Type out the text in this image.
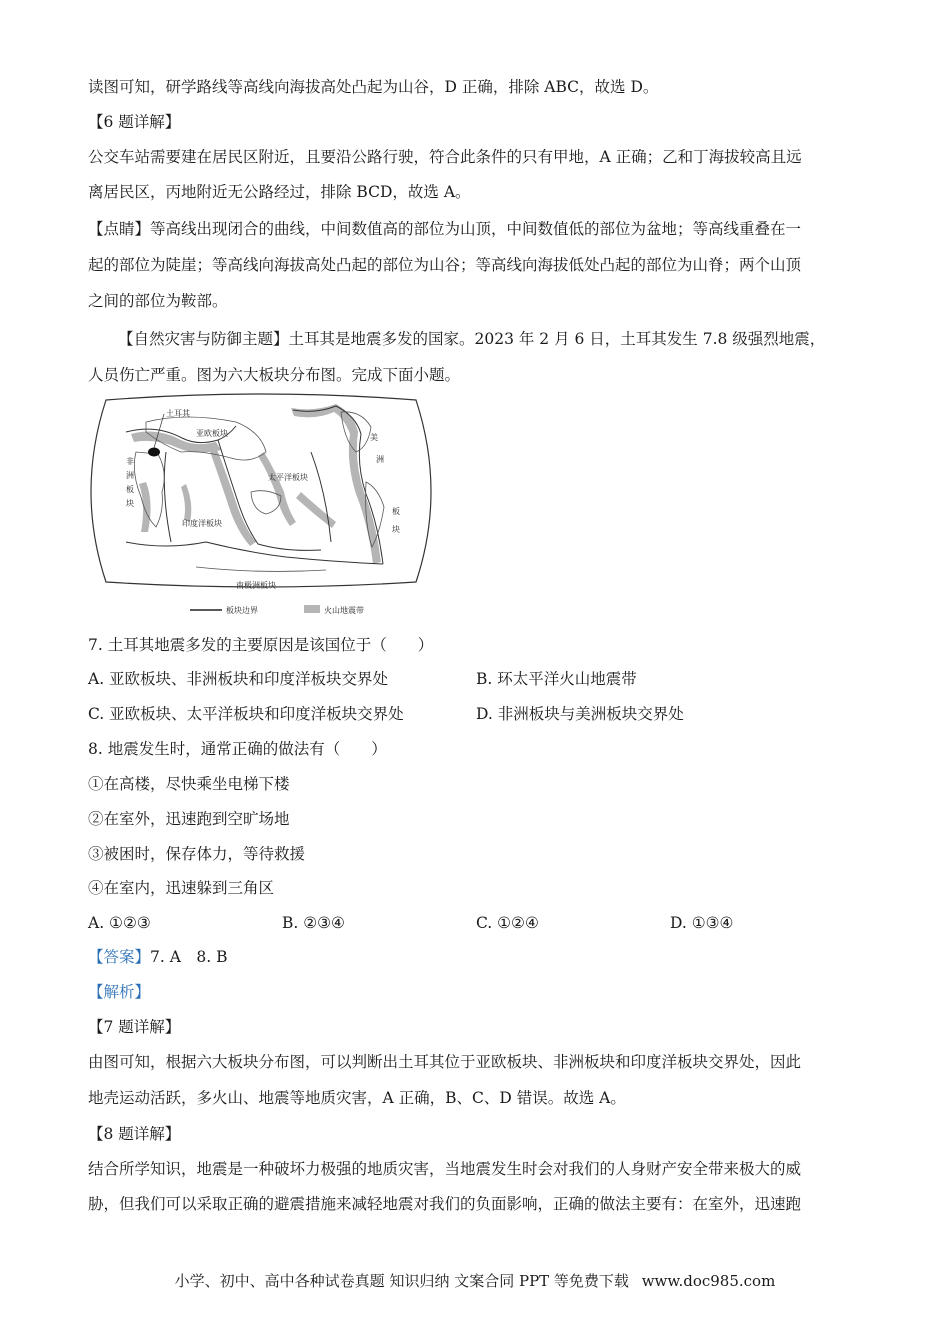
读图可知，研学路线等高线向海拔高处凸起为山谷，D 正确，排除 ABC，故选 D。
【6 题详解】
公交车站需要建在居民区附近，且要沿公路行驶，符合此条件的只有甲地，A 正确；乙和丁海拔较高且远
离居民区，丙地附近无公路经过，排除 BCD，故选 A。
【点睛】等高线出现闭合的曲线，中间数值高的部位为山顶，中间数值低的部位为盆地；等高线重叠在一
起的部位为陡崖；等高线向海拔高处凸起的部位为山谷；等高线向海拔低处凸起的部位为山脊；两个山顶
之间的部位为鞍部。
【自然灾害与防御主题】土耳其是地震多发的国家。2023 年 2 月 6 日，土耳其发生 7.8 级强烈地震，
人员伤亡严重。图为六大板块分布图。完成下面小题。
土耳其
亚欧板块
非
洲
板
块
太平洋板块
印度洋板块
美
洲
板
块
南极洲板块
板块边界	火山地震带
7. 土耳其地震多发的主要原因是该国位于（　　）
A. 亚欧板块、非洲板块和印度洋板块交界处	B. 环太平洋火山地震带
C. 亚欧板块、太平洋板块和印度洋板块交界处	D. 非洲板块与美洲板块交界处
8. 地震发生时，通常正确的做法有（　　）
①在高楼，尽快乘坐电梯下楼
②在室外，迅速跑到空旷场地
③被困时，保存体力，等待救援
④在室内，迅速躲到三角区
A. ①②③	B. ②③④	C. ①②④	D. ①③④
【答案】7. A　8. B
【解析】
【7 题详解】
由图可知，根据六大板块分布图，可以判断出土耳其位于亚欧板块、非洲板块和印度洋板块交界处，因此
地壳运动活跃，多火山、地震等地质灾害，A 正确，B、C、D 错误。故选 A。
【8 题详解】
结合所学知识，地震是一种破坏力极强的地质灾害，当地震发生时会对我们的人身财产安全带来极大的威
胁，但我们可以采取正确的避震措施来减轻地震对我们的负面影响，正确的做法主要有：在室外，迅速跑
小学、初中、高中各种试卷真题 知识归纳 文案合同 PPT 等免费下载 www.doc985.com
